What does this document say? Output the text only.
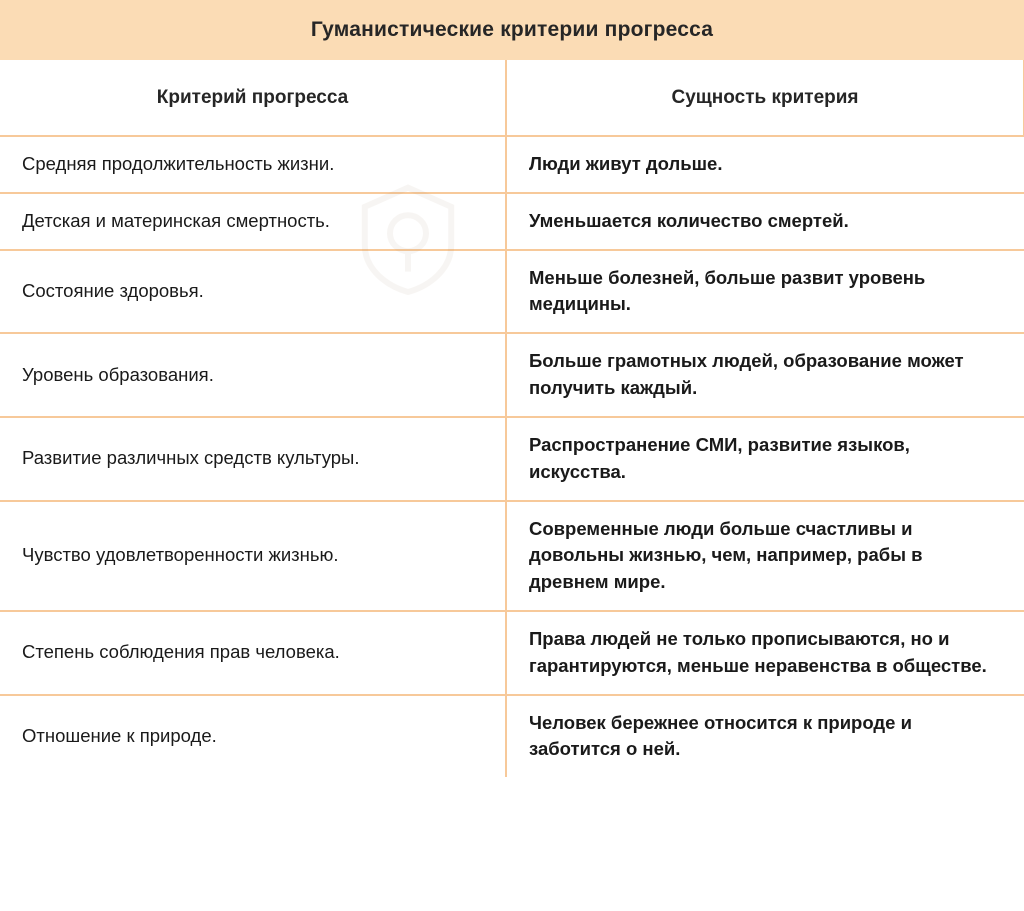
Гуманистические критерии прогресса
Критерий прогресса	Сущность критерия
Средняя продолжительность жизни.	Люди живут дольше.
Детская и материнская смертность.	Уменьшается количество смертей.
Состояние здоровья.	Меньше болезней, больше развит уровень медицины.
Уровень образования.	Больше грамотных людей, образование может получить каждый.
Развитие различных средств культуры.	Распространение СМИ, развитие языков, искусства.
Чувство удовлетворенности жизнью.	Современные люди больше счастливы и довольны жизнью, чем, например, рабы в древнем мире.
Степень соблюдения прав человека.	Права людей не только прописываются, но и гарантируются, меньше неравенства в обществе.
Отношение к природе.	Человек бережнее относится к природе и заботится о ней.
